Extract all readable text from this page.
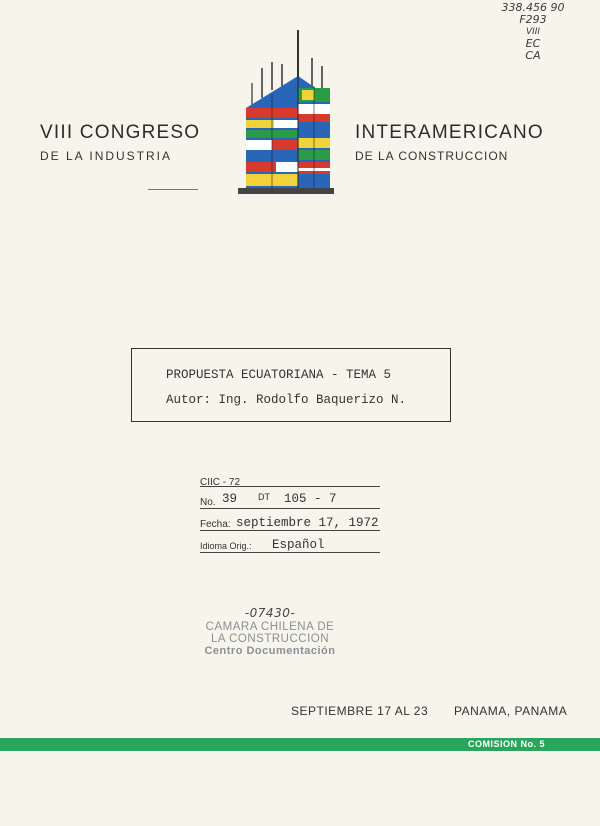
338.456 90
F293
VIII
EC
CA
VIII CONGRESO
DE LA INDUSTRIA
INTERAMERICANO
DE LA CONSTRUCCION
PROPUESTA ECUATORIANA - TEMA 5
Autor: Ing. Rodolfo Baquerizo N.
CIIC - 72
No. 39 DT 105 - 7
Fecha: septiembre 17, 1972
Idioma Orig.: Español
-07430-
CAMARA CHILENA DE
LA CONSTRUCCION
Centro Documentación
SEPTIEMBRE 17 AL 23 PANAMA, PANAMA
COMISION No. 5
